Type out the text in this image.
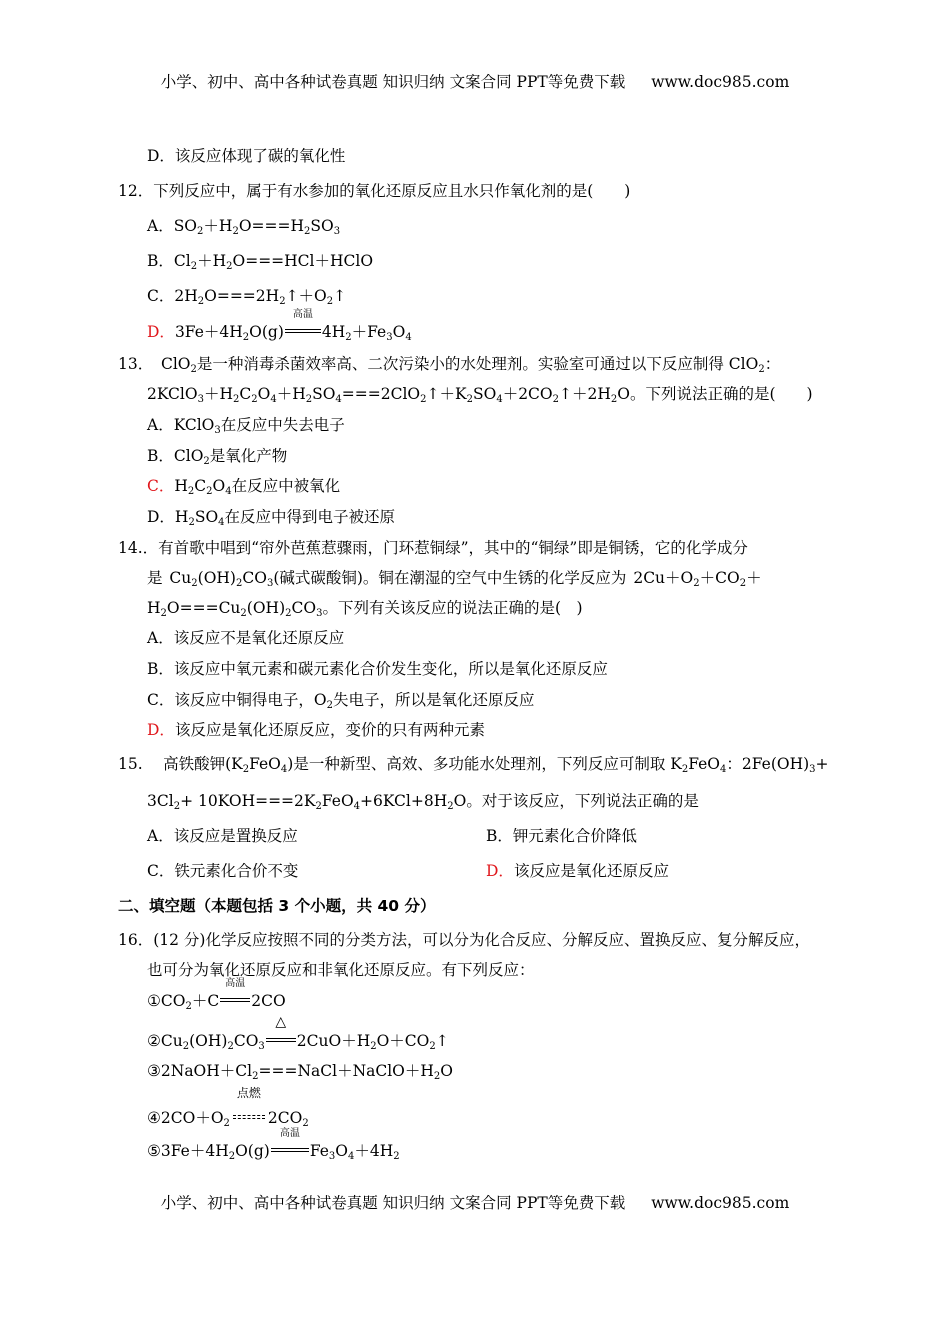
小学、初中、高中各种试卷真题 知识归纳 文案合同 PPT等免费下载 www.doc985.com
D．该反应体现了碳的氧化性
12．下列反应中，属于有水参加的氧化还原反应且水只作氧化剂的是(　　)
A．$SO_2+H_2O===H_2SO_3$
B．$Cl_2+H_2O===HCl+HClO$
C．$2H_2O===2H_2↑+O_2↑$
D．$3Fe+4H_2O(g)$
高温
$4H_2+Fe_3O_4$
13．　ClO$_2$是一种消毒杀菌效率高、二次污染小的水处理剂。实验室可通过以下反应制得 ClO$_2$：
$2KClO_3+H_2C_2O_4+H_2SO_4===2ClO_2↑+K_2SO_4+2CO_2↑+2H_2O$。下列说法正确的是(　　)
A．KClO$_3$在反应中失去电子
B．ClO$_2$是氧化产物
C．$H_2C_2O_4$在反应中被氧化
D．$H_2SO_4$在反应中得到电子被还原
14.．有首歌中唱到“帘外芭蕉惹骤雨，门环惹铜绿”，其中的“铜绿”即是铜锈，它的化学成分
是 $Cu_2(OH)_2CO_3$(碱式碳酸铜)。铜在潮湿的空气中生锈的化学反应为 $2Cu+O_2+CO_2+$
$H_2O===Cu_2(OH)_2CO_3$。下列有关该反应的说法正确的是(　)
A．该反应不是氧化还原反应
B．该反应中氧元素和碳元素化合价发生变化，所以是氧化还原反应
C．该反应中铜得电子，$O_2$失电子，所以是氧化还原反应
D．该反应是氧化还原反应，变价的只有两种元素
15.　 高铁酸钾$(K_2FeO_4)$是一种新型、高效、多功能水处理剂，下列反应可制取 $K_2FeO_4$：$2Fe(OH)_3+$
$3Cl_2+ 10KOH===2K_2FeO_4+6KCl+8H_2O$。对于该反应，下列说法正确的是
A．该反应是置换反应	B．钾元素化合价降低
C．铁元素化合价不变	D．该反应是氧化还原反应
二、填空题（本题包括 3 个小题，共 40 分）
16．(12 分)化学反应按照不同的分类方法，可以分为化合反应、分解反应、置换反应、复分解反应，
也可分为氧化还原反应和非氧化还原反应。有下列反应：
$①CO_2+C$
高温
2CO
$②Cu_2(OH)_2CO_3$
△
$2CuO+H_2O+CO_2↑$
$③2NaOH+Cl_2===NaCl+NaClO+H_2O$
$④2CO+O_2$
点燃
$2CO_2$
$⑤3Fe+4H_2O(g)$
高温
$Fe_3O_4+4H_2$
小学、初中、高中各种试卷真题 知识归纳 文案合同 PPT等免费下载 www.doc985.com
